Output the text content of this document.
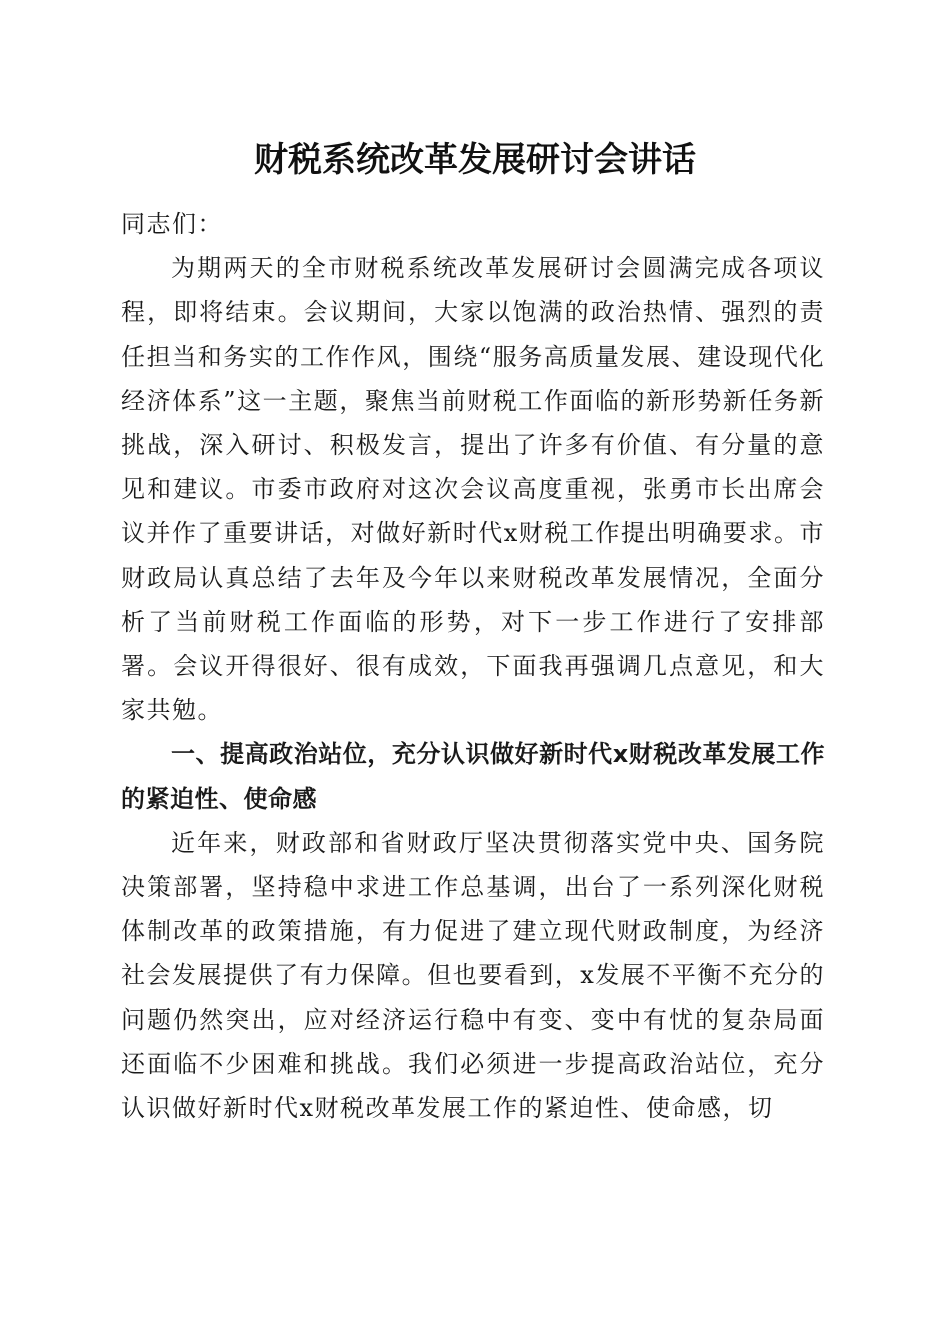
财税系统改革发展研讨会讲话

同志们：

为期两天的全市财税系统改革发展研讨会圆满完成各项议程，即将结束。会议期间，大家以饱满的政治热情、强烈的责任担当和务实的工作作风，围绕“服务高质量发展、建设现代化经济体系”这一主题，聚焦当前财税工作面临的新形势新任务新挑战，深入研讨、积极发言，提出了许多有价值、有分量的意见和建议。市委市政府对这次会议高度重视，张勇市长出席会议并作了重要讲话，对做好新时代x财税工作提出明确要求。市财政局认真总结了去年及今年以来财税改革发展情况，全面分析了当前财税工作面临的形势，对下一步工作进行了安排部署。会议开得很好、很有成效，下面我再强调几点意见，和大家共勉。

一、提高政治站位，充分认识做好新时代x财税改革发展工作的紧迫性、使命感

近年来，财政部和省财政厅坚决贯彻落实党中央、国务院决策部署，坚持稳中求进工作总基调，出台了一系列深化财税体制改革的政策措施，有力促进了建立现代财政制度，为经济社会发展提供了有力保障。但也要看到，x发展不平衡不充分的问题仍然突出，应对经济运行稳中有变、变中有忧的复杂局面还面临不少困难和挑战。我们必须进一步提高政治站位，充分认识做好新时代x财税改革发展工作的紧迫性、使命感，切
